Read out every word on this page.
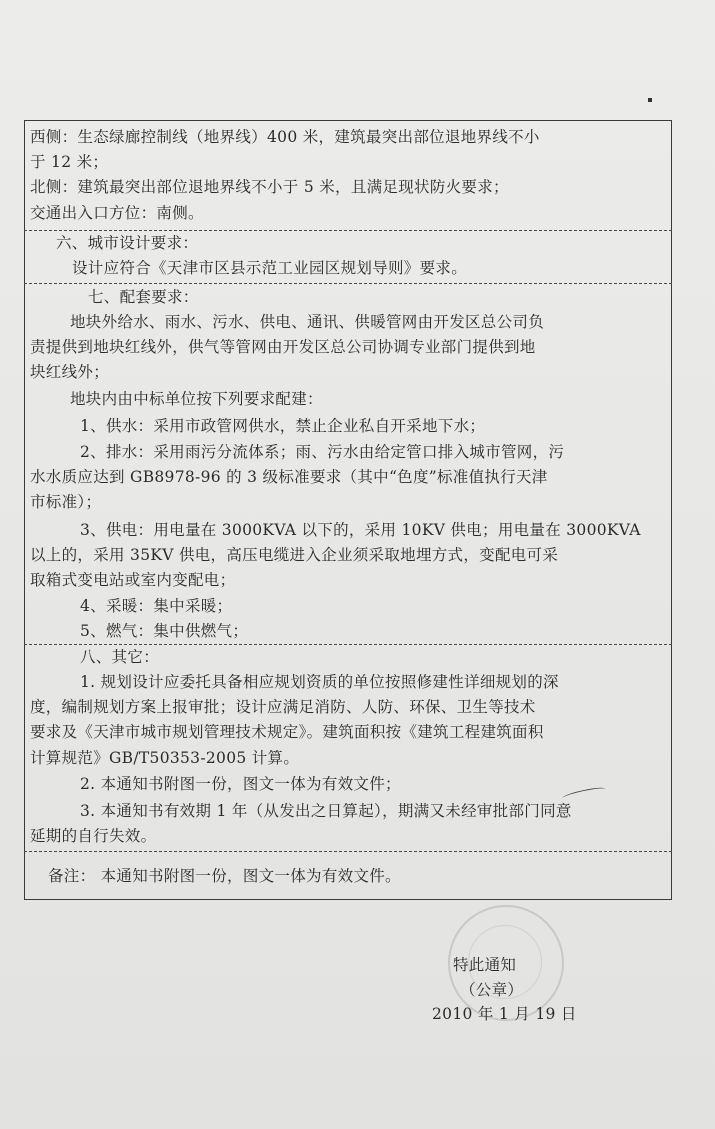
西侧：生态绿廊控制线（地界线）400 米，建筑最突出部位退地界线不小
于 12 米；
北侧：建筑最突出部位退地界线不小于 5 米，且满足现状防火要求；
交通出入口方位：南侧。
六、城市设计要求：
设计应符合《天津市区县示范工业园区规划导则》要求。
七、配套要求：
地块外给水、雨水、污水、供电、通讯、供暖管网由开发区总公司负
责提供到地块红线外，供气等管网由开发区总公司协调专业部门提供到地
块红线外；
地块内由中标单位按下列要求配建：
1、供水：采用市政管网供水，禁止企业私自开采地下水；
2、排水：采用雨污分流体系；雨、污水由给定管口排入城市管网，污
水水质应达到 GB8978-96 的 3 级标准要求（其中“色度”标准值执行天津
市标准）；
3、供电：用电量在 3000KVA 以下的，采用 10KV 供电；用电量在 3000KVA
以上的，采用 35KV 供电，高压电缆进入企业须采取地埋方式，变配电可采
取箱式变电站或室内变配电；
4、采暖：集中采暖；
5、燃气：集中供燃气；
八、其它：
1. 规划设计应委托具备相应规划资质的单位按照修建性详细规划的深
度，编制规划方案上报审批；设计应满足消防、人防、环保、卫生等技术
要求及《天津市城市规划管理技术规定》。建筑面积按《建筑工程建筑面积
计算规范》GB/T50353-2005 计算。
2. 本通知书附图一份，图文一体为有效文件；
3. 本通知书有效期 1 年（从发出之日算起），期满又未经审批部门同意
延期的自行失效。
备注： 本通知书附图一份，图文一体为有效文件。
特此通知
（公章）
2010 年 1 月 19 日
